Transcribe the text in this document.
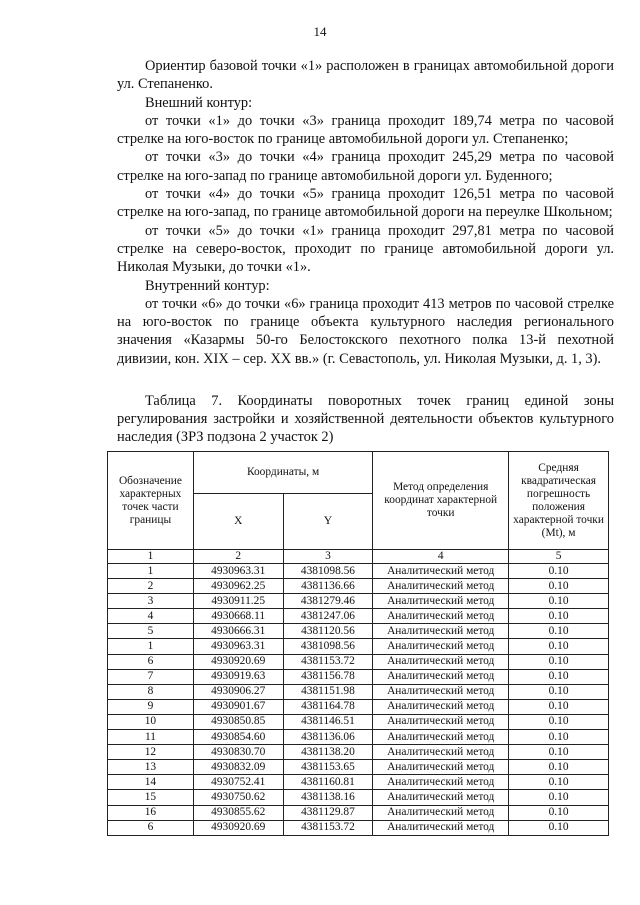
14

Ориентир базовой точки «1» расположен в границах автомобильной дороги ул. Степаненко.

Внешний контур:

от точки «1» до точки «3» граница проходит 189,74 метра по часовой стрелке на юго-восток по границе автомобильной дороги ул. Степаненко;

от точки «3» до точки «4» граница проходит 245,29 метра по часовой стрелке на юго-запад по границе автомобильной дороги ул. Буденного;

от точки «4» до точки «5» граница проходит 126,51 метра по часовой стрелке на юго-запад, по границе автомобильной дороги на переулке Школьном;

от точки «5» до точки «1» граница проходит 297,81 метра по часовой стрелке на северо-восток, проходит по границе автомобильной дороги ул. Николая Музыки, до точки «1».

Внутренний контур:

от точки «6» до точки «6» граница проходит 413 метров по часовой стрелке на юго-восток по границе объекта культурного наследия регионального значения «Казармы 50-го Белостокского пехотного полка 13-й пехотной дивизии, кон. XIX – сер. XX вв.» (г. Севастополь, ул. Николая Музыки, д. 1, 3).

Таблица 7. Координаты поворотных точек границ единой зоны регулирования застройки и хозяйственной деятельности объектов культурного наследия (ЗРЗ подзона 2 участок 2)

Обозначение характерных точек части границы	Координаты, м		Метод определения координат характерной точки	Средняя квадратическая погрешность положения характерной точки (Mt), м
	X	Y		
1	2	3	4	5
1	4930963.31	4381098.56	Аналитический метод	0.10
2	4930962.25	4381136.66	Аналитический метод	0.10
3	4930911.25	4381279.46	Аналитический метод	0.10
4	4930668.11	4381247.06	Аналитический метод	0.10
5	4930666.31	4381120.56	Аналитический метод	0.10
1	4930963.31	4381098.56	Аналитический метод	0.10
6	4930920.69	4381153.72	Аналитический метод	0.10
7	4930919.63	4381156.78	Аналитический метод	0.10
8	4930906.27	4381151.98	Аналитический метод	0.10
9	4930901.67	4381164.78	Аналитический метод	0.10
10	4930850.85	4381146.51	Аналитический метод	0.10
11	4930854.60	4381136.06	Аналитический метод	0.10
12	4930830.70	4381138.20	Аналитический метод	0.10
13	4930832.09	4381153.65	Аналитический метод	0.10
14	4930752.41	4381160.81	Аналитический метод	0.10
15	4930750.62	4381138.16	Аналитический метод	0.10
16	4930855.62	4381129.87	Аналитический метод	0.10
6	4930920.69	4381153.72	Аналитический метод	0.10
